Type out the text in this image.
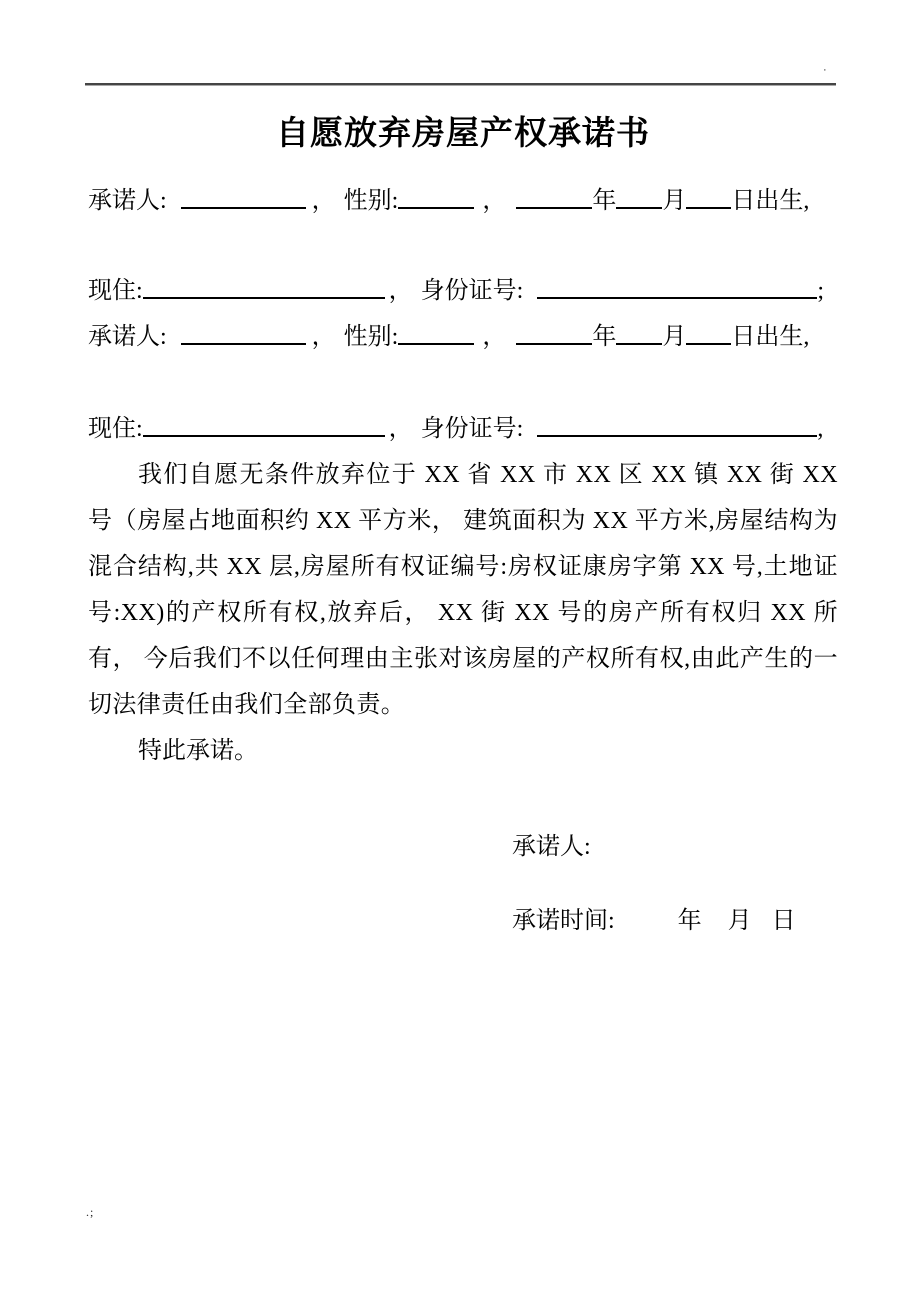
·
自愿放弃房屋产权承诺书
承诺人:	， 性别:	，	年 月 日出生,
现住:	， 身份证号:	;
承诺人:	， 性别:	，	年 月 日出生,
现住:	， 身份证号:	,

我们自愿无条件放弃位于 XX 省 XX 市 XX 区 XX 镇 XX 街 XX 号（房屋占地面积约 XX 平方米， 建筑面积为 XX 平方米,房屋结构为混合结构,共 XX 层,房屋所有权证编号:房权证康房字第 XX 号,土地证号:XX)的产权所有权,放弃后， XX 街 XX 号的房产所有权归 XX 所有， 今后我们不以任何理由主张对该房屋的产权所有权,由此产生的一切法律责任由我们全部负责。

特此承诺。

承诺人:
承诺时间:	年 月 日
.;
